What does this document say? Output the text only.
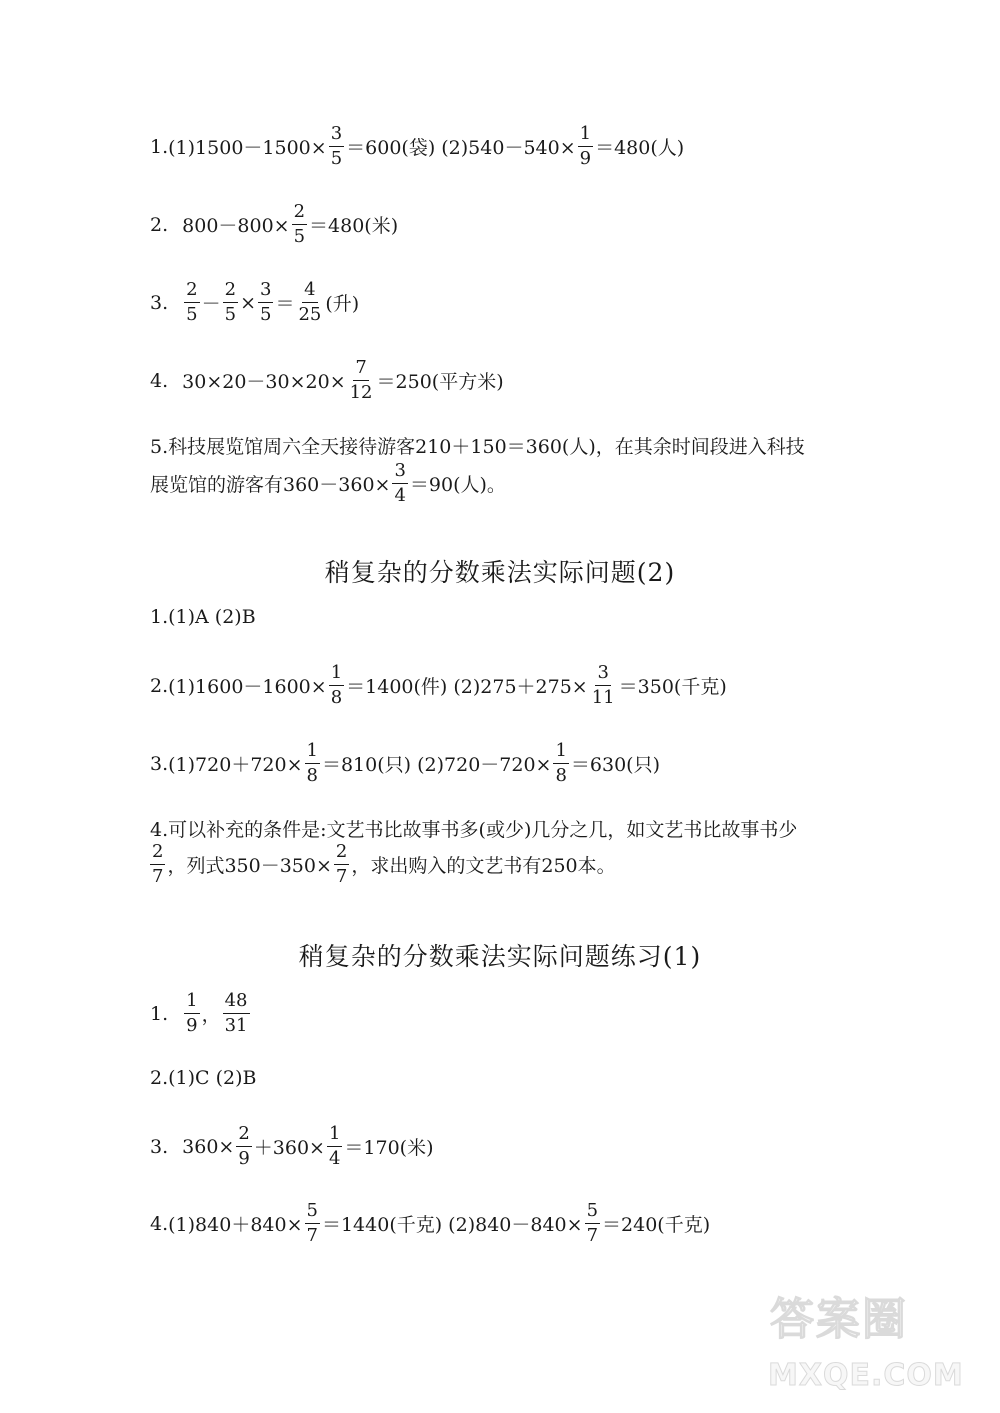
1. $(1)1500-1500\times \frac{3}{5} =600$(袋) $(2)540-540\times \frac{1}{9} =480$(人)
2. $800-800\times \frac{2}{5} =480$(米)
3. $\frac{2}{5} - \frac{2}{5} \times \frac{3}{5} = \frac{4}{25}$ (升)
4. $30\times 20-30\times 20\times \frac{7}{12} =250$(平方米)
5.科技展览馆周六全天接待游客210＋150＝360(人)，在其余时间段进入科技
展览馆的游客有$360-360\times \frac{3}{4} =90$(人)。
稍复杂的分数乘法实际问题(2)
1.(1)A (2)B
2. $(1)1600-1600\times \frac{1}{8} =1400$(件) $(2)275+275\times \frac{3}{11} =350$(千克)
3. $(1)720+720\times \frac{1}{8} =810$(只) $(2)720-720\times \frac{1}{8} =630$(只)
4.可以补充的条件是:文艺书比故事书多(或少)几分之几，如文艺书比故事书少
$\frac{2}{7}$ ，列式$350-350\times \frac{2}{7}$ ，求出购入的文艺书有250本。
稍复杂的分数乘法实际问题练习(1)
1. $\frac{1}{9}$ ， $\frac{48}{31}$
2.(1)C (2)B
3. $360\times \frac{2}{9} +360\times \frac{1}{4} =170$(米)
4. $(1)840+840\times \frac{5}{7} =1440$(千克) $(2)840-840\times \frac{5}{7} =240$(千克)
答案圈
MXQE.COM
